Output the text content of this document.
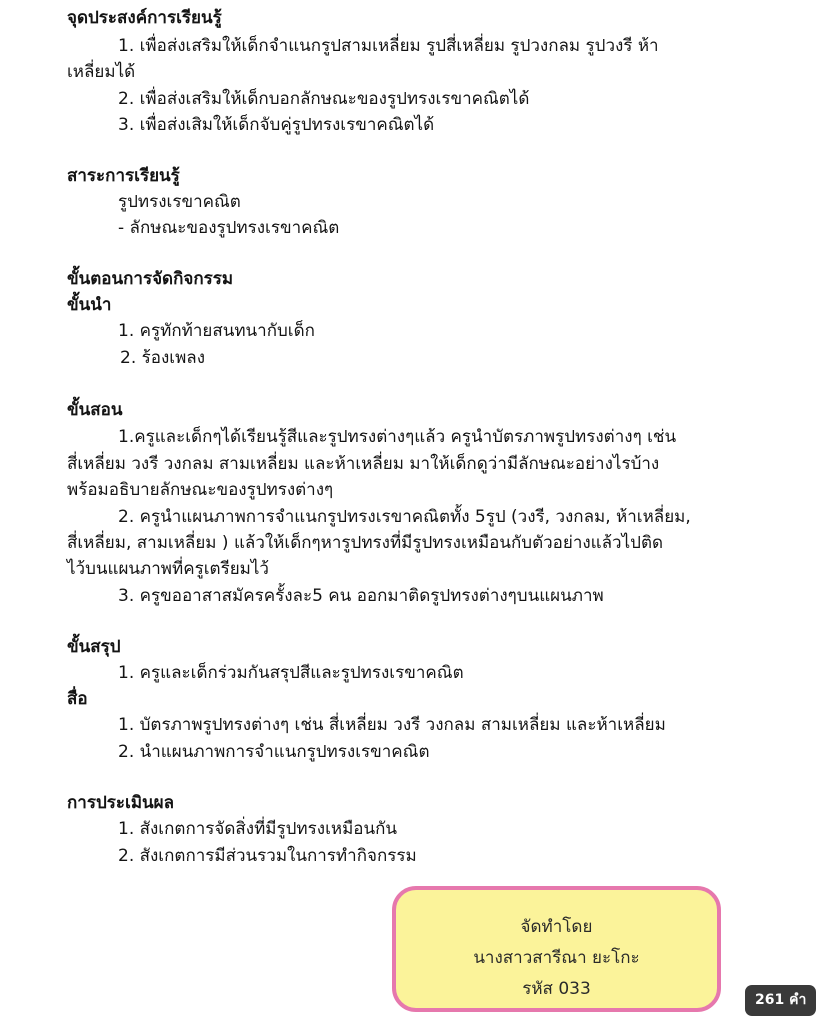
จุดประสงค์การเรียนรู้
1. เพื่อส่งเสริมให้เด็กจำแนกรูปสามเหลี่ยม รูปสี่เหลี่ยม รูปวงกลม รูปวงรี ห้า
เหลี่ยมได้
2. เพื่อส่งเสริมให้เด็กบอกลักษณะของรูปทรงเรขาคณิตได้
3. เพื่อส่งเสิมให้เด็กจับคู่รูปทรงเรขาคณิตได้
สาระการเรียนรู้
รูปทรงเรขาคณิต
- ลักษณะของรูปทรงเรขาคณิต
ขั้นตอนการจัดกิจกรรม
ขั้นนำ
1. ครูทักท้ายสนทนากับเด็ก
2. ร้องเพลง
ขั้นสอน
1.ครูและเด็กๆได้เรียนรู้สีและรูปทรงต่างๆแล้ว ครูนำบัตรภาพรูปทรงต่างๆ เช่น
สี่เหลี่ยม วงรี วงกลม สามเหลี่ยม และห้าเหลี่ยม มาให้เด็กดูว่ามีลักษณะอย่างไรบ้าง
พร้อมอธิบายลักษณะของรูปทรงต่างๆ
2. ครูนำแผนภาพการจำแนกรูปทรงเรขาคณิตทั้ง 5รูป (วงรี, วงกลม, ห้าเหลี่ยม,
สี่เหลี่ยม, สามเหลี่ยม ) แล้วให้เด็กๆหารูปทรงที่มีรูปทรงเหมือนกับตัวอย่างแล้วไปติด
ไว้บนแผนภาพที่ครูเตรียมไว้
3. ครูขออาสาสมัครครั้งละ5 คน ออกมาติดรูปทรงต่างๆบนแผนภาพ
ขั้นสรุป
1. ครูและเด็กร่วมกันสรุปสีและรูปทรงเรขาคณิต
สื่อ
1. บัตรภาพรูปทรงต่างๆ เช่น สี่เหลี่ยม วงรี วงกลม สามเหลี่ยม และห้าเหลี่ยม
2. นำแผนภาพการจำแนกรูปทรงเรขาคณิต
การประเมินผล
1. สังเกตการจัดสิ่งที่มีรูปทรงเหมือนกัน
2. สังเกตการมีส่วนรวมในการทำกิจกรรม
จัดทำโดย
นางสาวสารีณา ยะโกะ
รหัส 033
261 คำ
